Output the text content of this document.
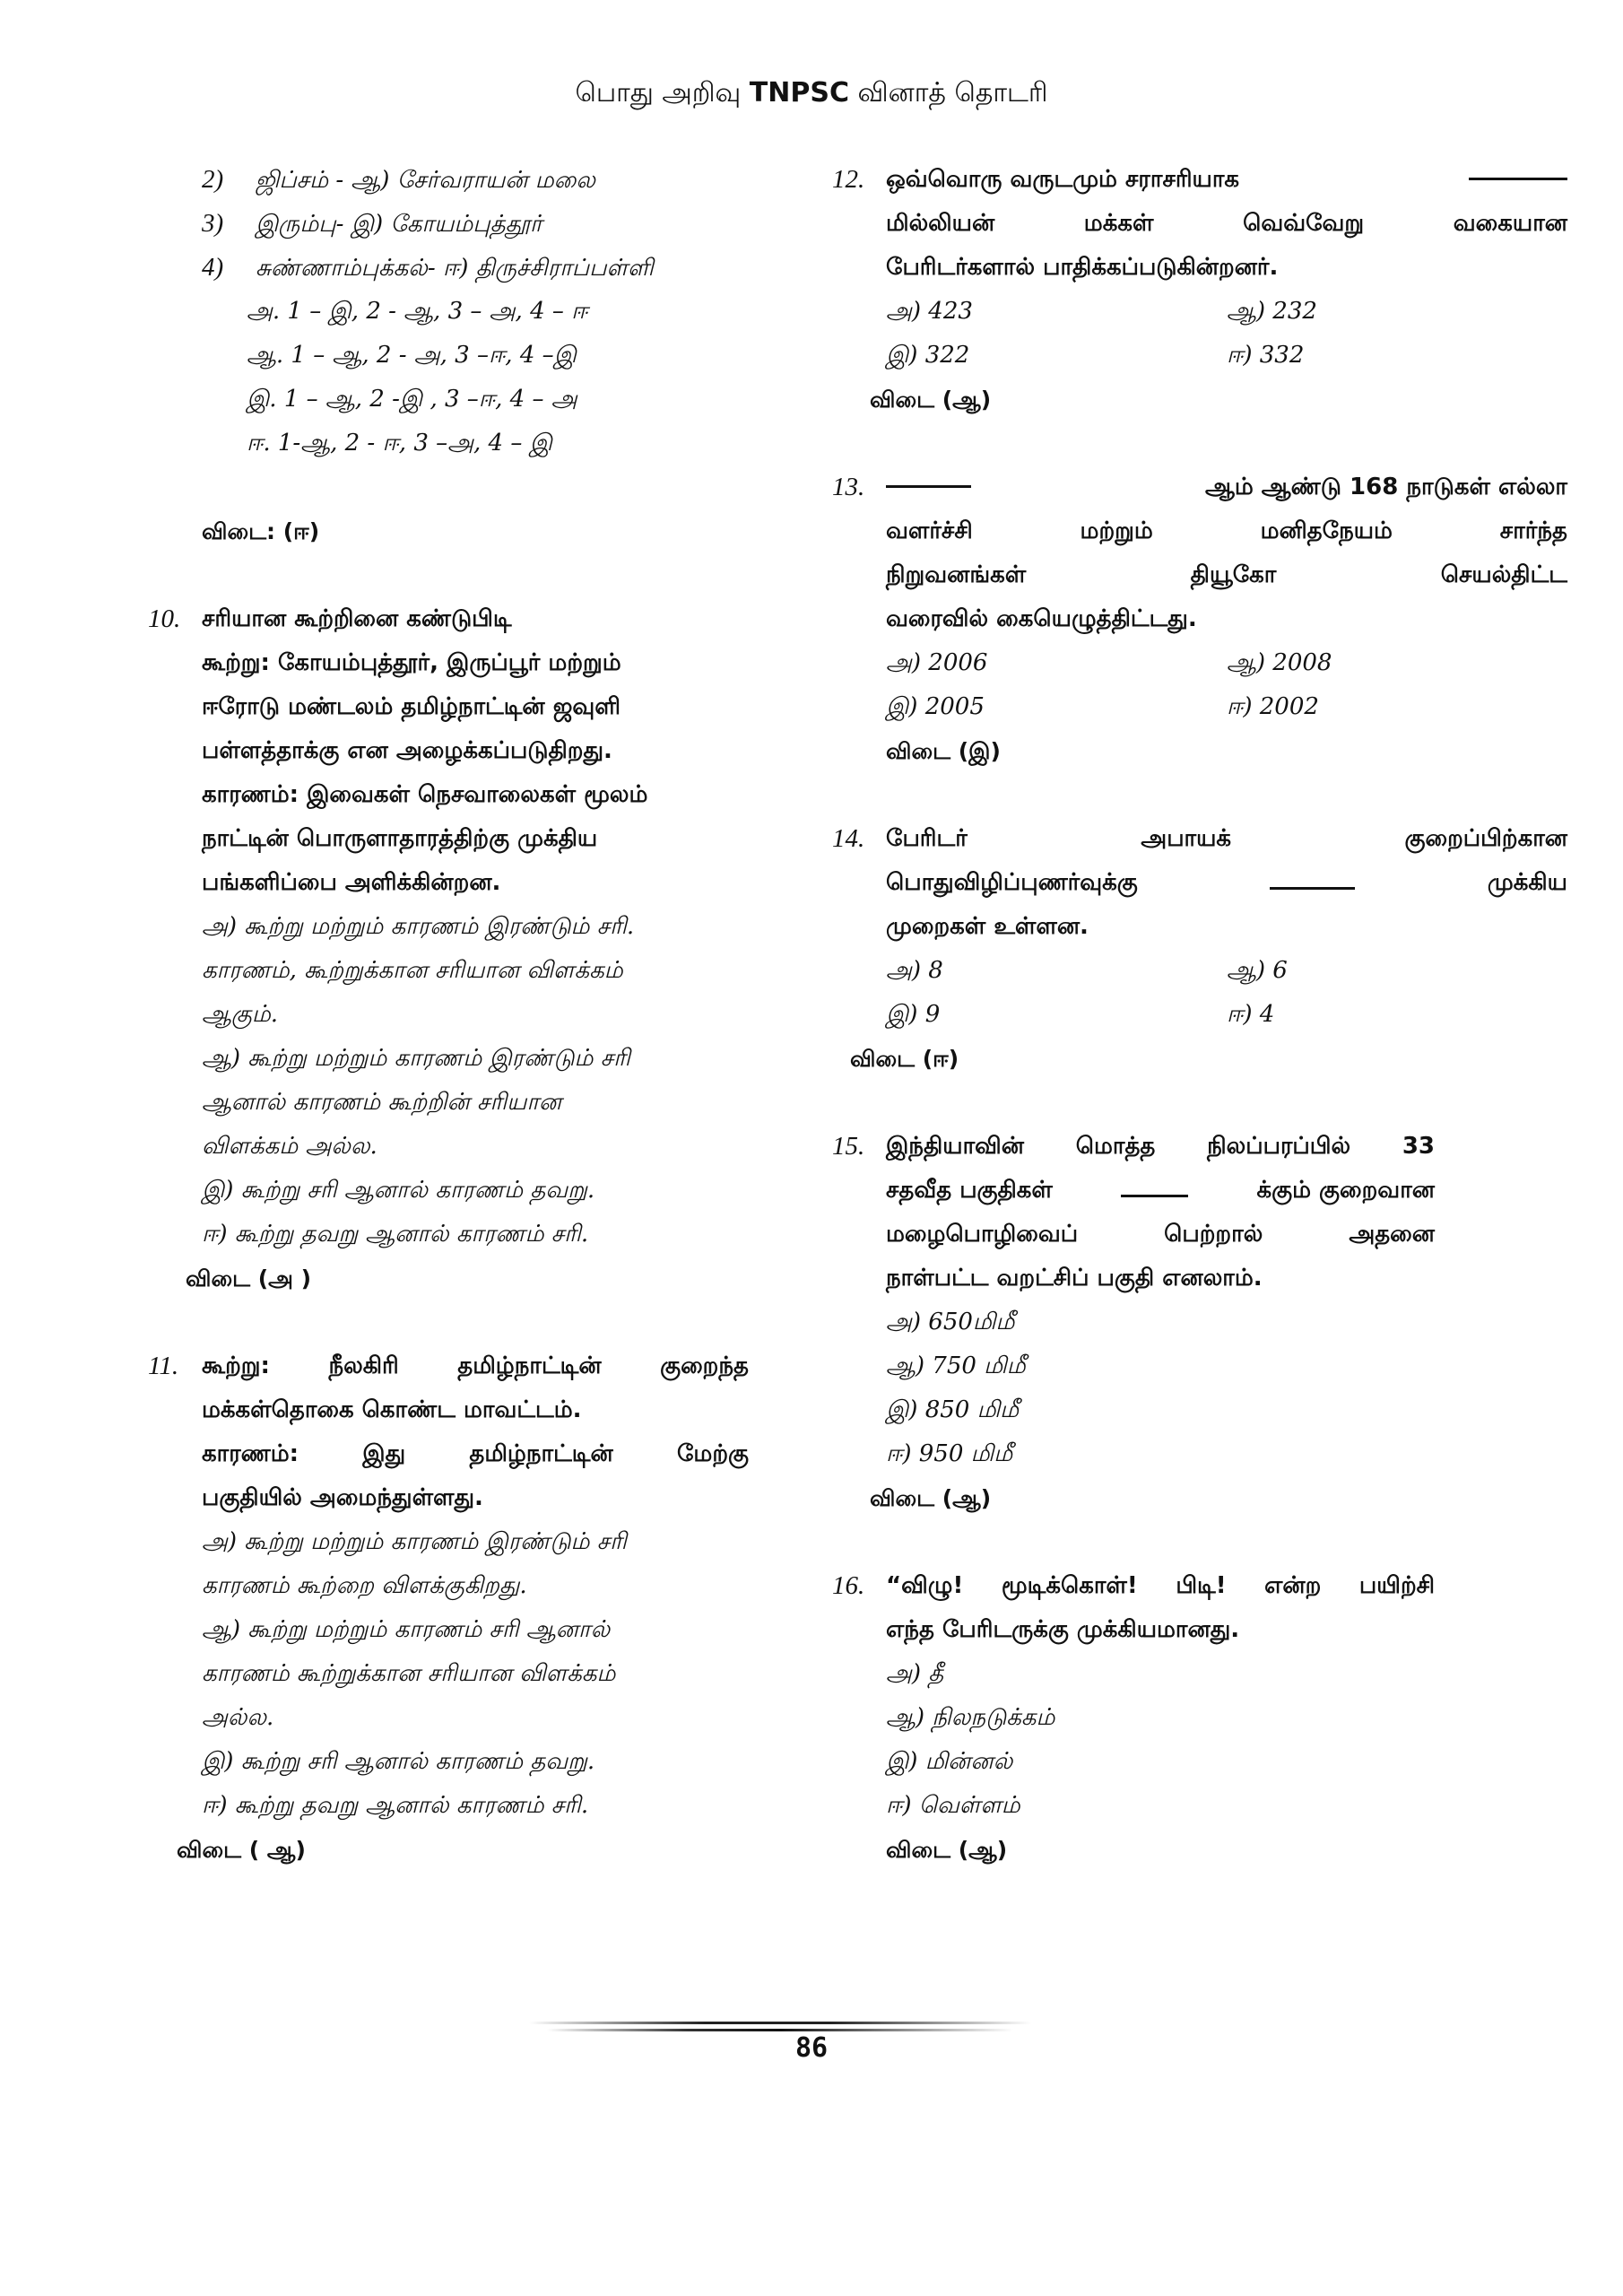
பொது அறிவு TNPSC வினாத் தொடரி
2) ஜிப்சம் - ஆ) சேர்வராயன் மலை
3) இரும்பு- இ) கோயம்புத்தூர்
4) சுண்ணாம்புக்கல்- ஈ) திருச்சிராப்பள்ளி
அ. 1 – இ, 2 - ஆ, 3 – அ, 4 – ஈ
ஆ. 1 – ஆ, 2 - அ, 3 –ஈ, 4 –இ
இ. 1 – ஆ, 2 -இ , 3 –ஈ, 4 – அ
ஈ. 1-ஆ, 2 - ஈ, 3 –அ, 4 – இ
விடை: (ஈ)
10. சரியான கூற்றினை கண்டுபிடி
கூற்று: கோயம்புத்தூர், இருப்பூர் மற்றும்
ஈரோடு மண்டலம் தமிழ்நாட்டின் ஜவுளி
பள்ளத்தாக்கு என அழைக்கப்படுதிறது.
காரணம்: இவைகள் நெசவாலைகள் மூலம்
நாட்டின் பொருளாதாரத்திற்கு முக்திய
பங்களிப்பை அளிக்கின்றன.
அ) கூற்று மற்றும் காரணம் இரண்டும் சரி.
காரணம், கூற்றுக்கான சரியான விளக்கம்
ஆகும்.
ஆ) கூற்று மற்றும் காரணம் இரண்டும் சரி
ஆனால் காரணம் கூற்றின் சரியான
விளக்கம் அல்ல.
இ) கூற்று சரி ஆனால் காரணம் தவறு.
ஈ) கூற்று தவறு ஆனால் காரணம் சரி.
விடை (அ )
11. கூற்று: நீலகிரி தமிழ்நாட்டின் குறைந்த
மக்கள்தொகை கொண்ட மாவட்டம்.
காரணம்: இது தமிழ்நாட்டின் மேற்கு
பகுதியில் அமைந்துள்ளது.
அ) கூற்று மற்றும் காரணம் இரண்டும் சரி
காரணம் கூற்றை விளக்குகிறது.
ஆ) கூற்று மற்றும் காரணம் சரி ஆனால்
காரணம் கூற்றுக்கான சரியான விளக்கம்
அல்ல.
இ) கூற்று சரி ஆனால் காரணம் தவறு.
ஈ) கூற்று தவறு ஆனால் காரணம் சரி.
விடை ( ஆ)
12. ஒவ்வொரு வருடமும் சராசரியாக
மில்லியன் மக்கள் வெவ்வேறு வகையான
பேரிடர்களால் பாதிக்கப்படுகின்றனர்.
அ) 423	ஆ) 232
இ) 322	ஈ) 332
விடை (ஆ)
13.	ஆம் ஆண்டு 168 நாடுகள் எல்லா
வளர்ச்சி மற்றும் மனிதநேயம் சார்ந்த
நிறுவனங்கள் தியூகோ செயல்திட்ட
வரைவில் கையெழுத்திட்டது.
அ) 2006	ஆ) 2008
இ) 2005	ஈ) 2002
விடை (இ)
14. பேரிடர் அபாயக் குறைப்பிற்கான
பொதுவிழிப்புணர்வுக்கு	முக்கிய
முறைகள் உள்ளன.
அ) 8	ஆ) 6
இ) 9	ஈ) 4
விடை (ஈ)
15. இந்தியாவின் மொத்த நிலப்பரப்பில் 33
சதவீத பகுதிகள்	க்கும் குறைவான
மழைபொழிவைப் பெற்றால் அதனை
நாள்பட்ட வறட்சிப் பகுதி எனலாம்.
அ) 650மிமீ
ஆ) 750 மிமீ
இ) 850 மிமீ
ஈ) 950 மிமீ
விடை (ஆ)
16. “விழு! மூடிக்கொள்! பிடி! என்ற பயிற்சி
எந்த பேரிடருக்கு முக்கியமானது.
அ) தீ
ஆ) நிலநடுக்கம்
இ) மின்னல்
ஈ) வெள்ளம்
விடை (ஆ)
86
